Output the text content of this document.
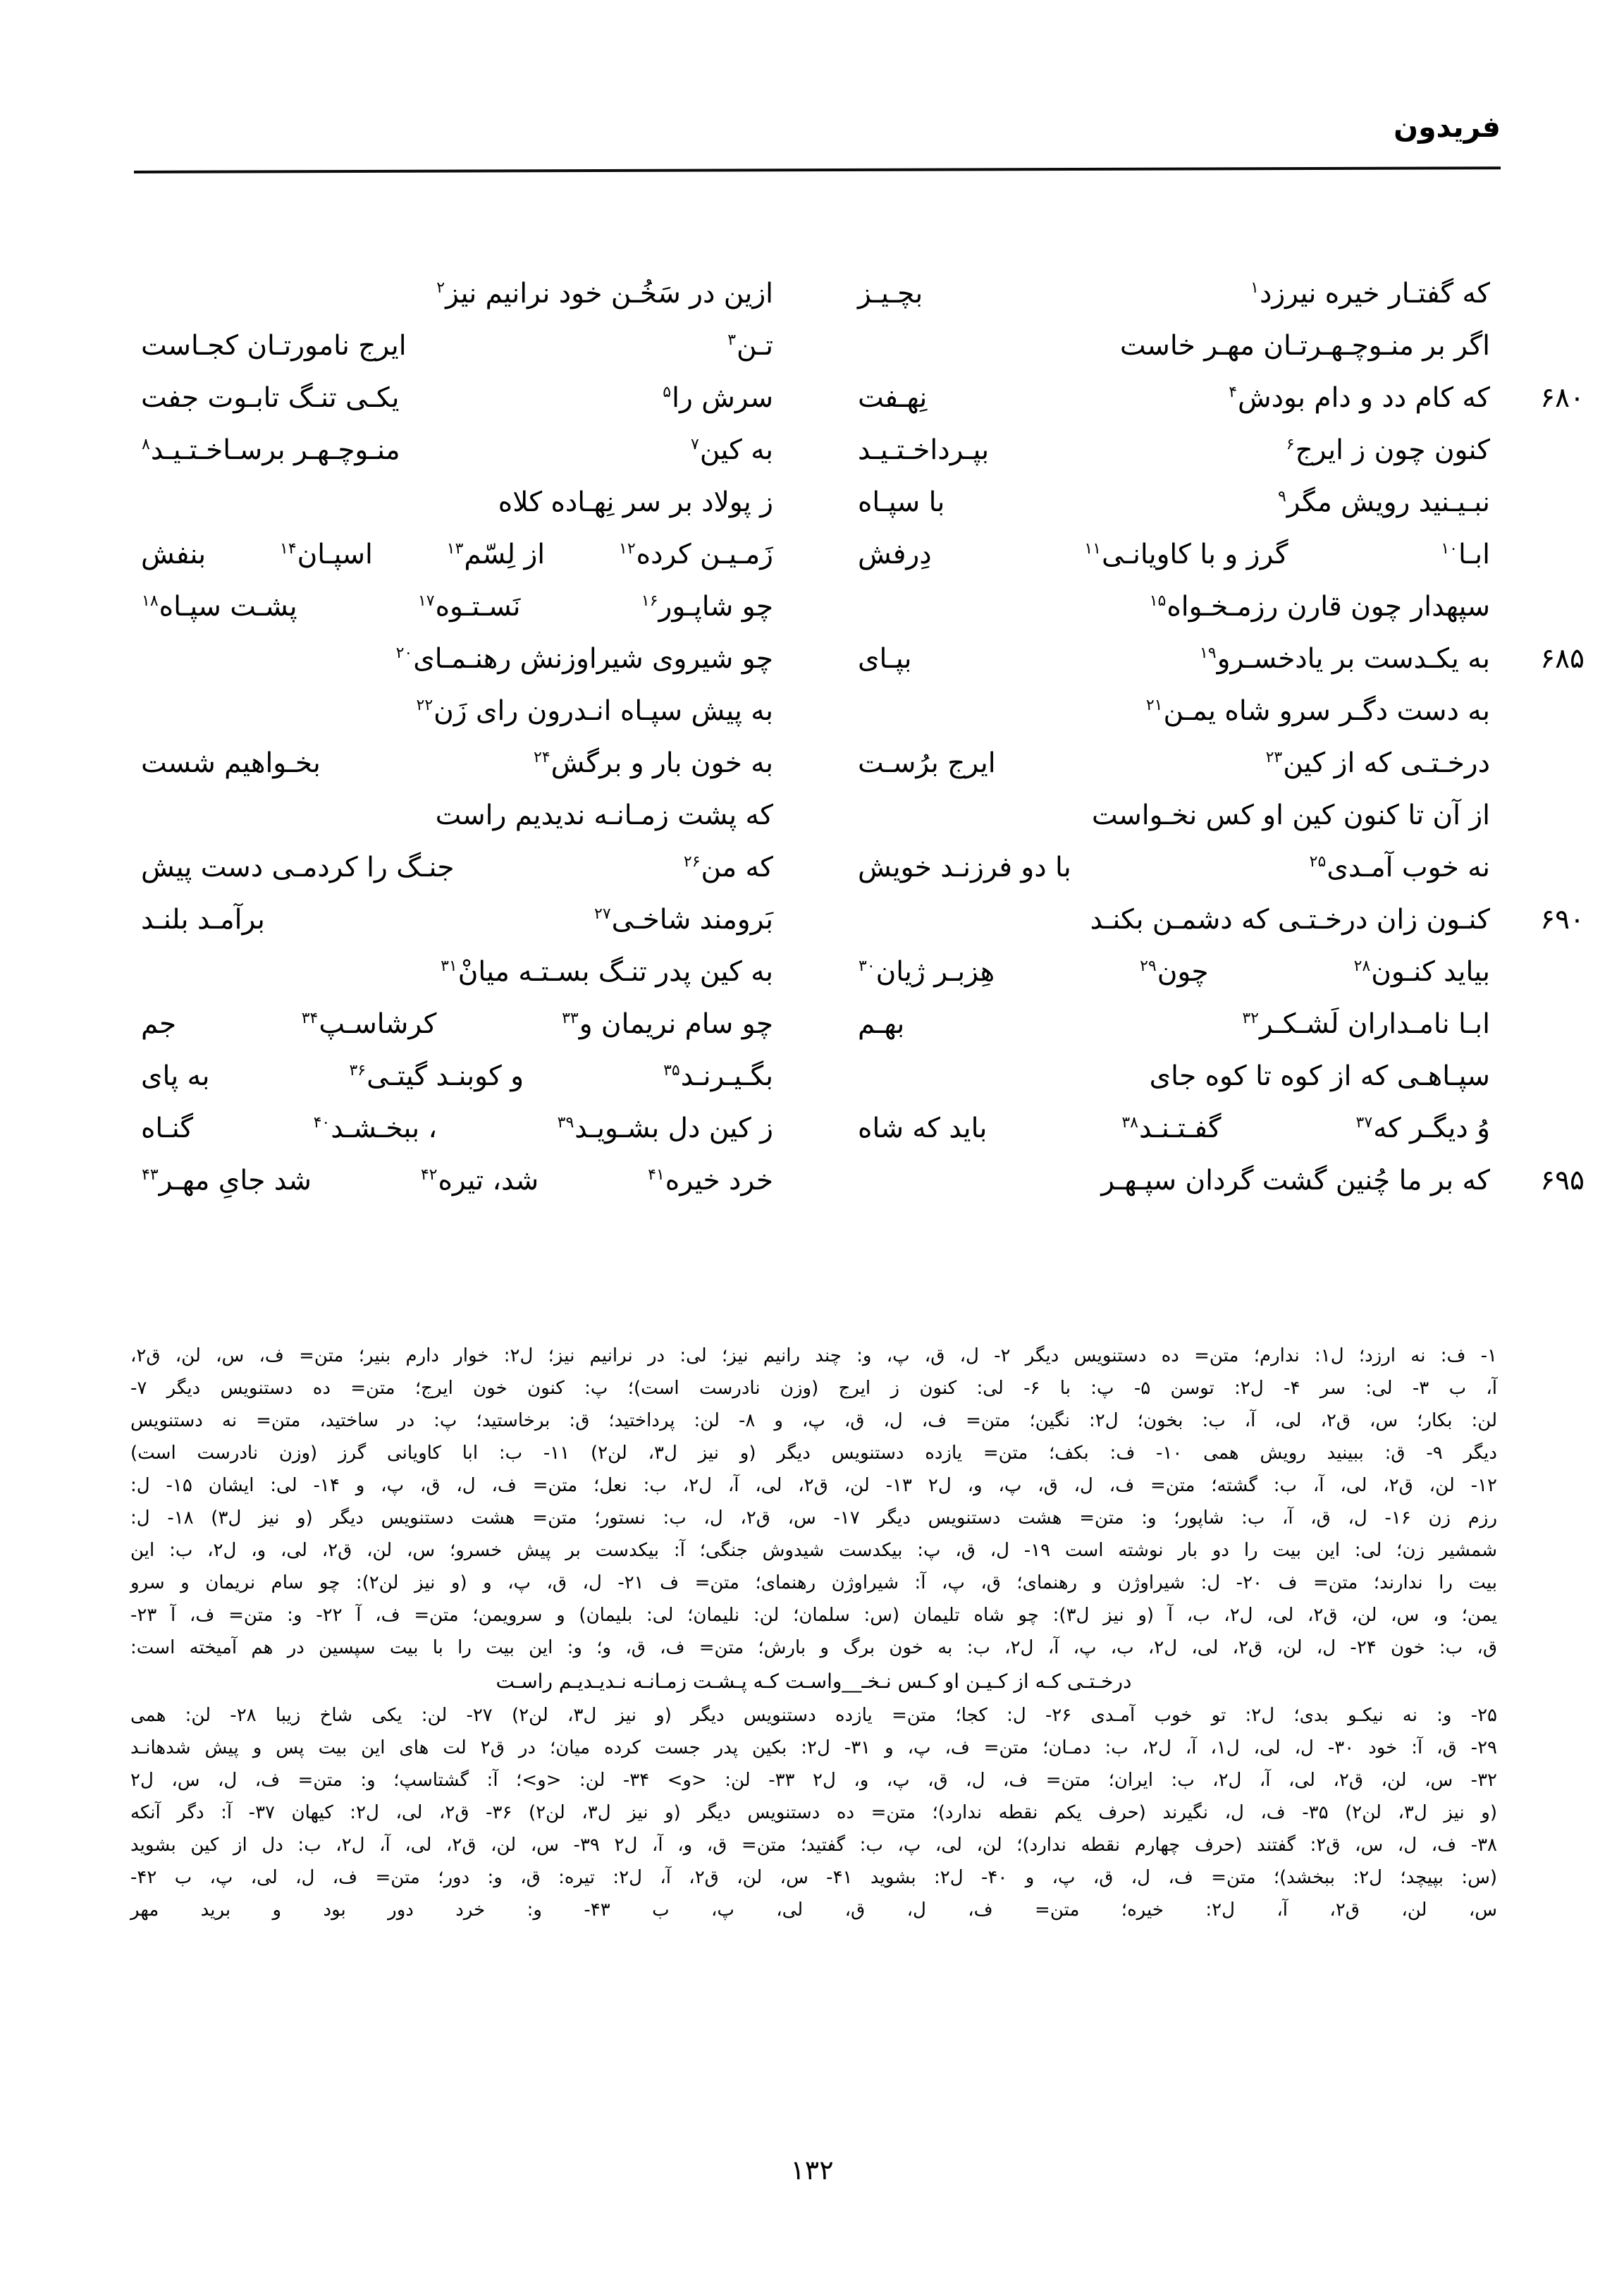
فریدون
كه گفتـار خيره نيرزد$^۱$
بچـيـز
اگر بر منـوچـهـرتـان مهـر خاست
۶۸۰
كه كام دد و دام بودش$^۴$
نِهـفت
كنون چون ز ايرج$^۶$
بپـرداخـتـيـد
نبـيـنيد رويش مگر$^۹$
با سپـاه
ابـا$^{۱۰}$
گرز و با كاويانـى$^{۱۱}$
دِرفش
سپهدار چون قارن رزمـخـواه$^{۱۵}$
۶۸۵
به يكـدست بر يادخسـرو$^{۱۹}$
بپـاى
به دست دگـر سرو شاه يمـن$^{۲۱}$
درخـتـى كه از كين$^{۲۳}$
ايرج برُسـت
از آن تا كنون كين او كس نخـواست
نه خوب آمـدى$^{۲۵}$
با دو فرزنـد خويش
۶۹۰
كنـون زان درخـتـى كه دشمـن بكنـد
بيايد كنـون$^{۲۸}$
چون$^{۲۹}$
هِزبـر ژيان$^{۳۰}$
ابـا نامـداران لَشـكـر$^{۳۲}$
بهـم
سپـاهـى كه از كوه تا كوه جاى
وُ ديگـر كه$^{۳۷}$
گفـتـنـد$^{۳۸}$
بايد كه شاه
۶۹۵
كه بر ما چُنين گشت گردان سپـهـر
ازين در سَخُـن خود نرانيم نيز$^۲$
تـن$^۳$
ايرج نامورتـان كجـاست
سرش را$^۵$
يكـى تنـگ تابـوت جفت
به كين$^۷$
منـوچـهـر برسـاخـتـيـد$^۸$
ز پولاد بر سر نِهـاده كلاه
زَمـيـن كرده$^{۱۲}$
از لِسّم$^{۱۳}$
اسپـان$^{۱۴}$
بنفش
چو شاپـور$^{۱۶}$
نَسـتـوه$^{۱۷}$
پشـت سپـاه$^{۱۸}$
چو شيروى شيراوزنش رهنـمـاى$^{۲۰}$
به پيش سپـاه انـدرون راى زَن$^{۲۲}$
به خون بار و برگش$^{۲۴}$
بخـواهيم شست
كه پشت زمـانـه نديديم راست
كه من$^{۲۶}$
جنـگ را كردمـى دست پيش
بَرومند شاخـى$^{۲۷}$
برآمـد بلنـد
به كين پدر تنـگ بسـتـه ميانْ$^{۳۱}$
چو سام نريمان و$^{۳۳}$
كرشاسـپ$^{۳۴}$
جم
بگـيـرنـد$^{۳۵}$
و كوبنـد گيتـى$^{۳۶}$
به پاى
ز كين دل بشـويـد$^{۳۹}$
، ببخـشـد$^{۴۰}$
گنـاه
خرد خيره$^{۴۱}$
شد، تيره$^{۴۲}$
شد جاىِ مهـر$^{۴۳}$
۱- ف: نه ارزد؛ ل‏۱: ندارم؛ متن= ده دستنويس ديگر ۲- ل، ق، پ، و: چند رانيم نيز؛ لى: در نرانيم نيز؛ ل‏۲: خوار دارم بنير؛ متن= ف، س، لن، ق‏۲،
آ، ب ۳- لى: سر ۴- ل‏۲: توسن ۵- پ: با ۶- لى: كنون ز ايرج (وزن نادرست است)؛ پ: كنون خون ايرج؛ متن= ده دستنويس ديگر ۷-
لن: بكار؛ س، ق‏۲، لى، آ، ب: بخون؛ ل‏۲: نگين؛ متن= ف، ل، ق، پ، و ۸- لن: پرداختيد؛ ق: برخاستيد؛ پ: در ساختيد، متن= نه دستنويس
ديگر ۹- ق: ببينيد رويش همى ۱۰- ف: بكف؛ متن= يازده دستنويس ديگر (و نيز ل‏۳، لن‏۲) ۱۱- ب: ابا كاويانى گرز (وزن نادرست است)
۱۲- لن، ق‏۲، لى، آ، ب: گشته؛ متن= ف، ل، ق، پ، و، ل‏۲ ۱۳- لن، ق‏۲، لى، آ، ل‏۲، ب: نعل؛ متن= ف، ل، ق، پ، و ۱۴- لى: ايشان ۱۵- ل:
رزم زن ۱۶- ل، ق، آ، ب: شاپور؛ و: متن= هشت دستنويس ديگر ۱۷- س، ق‏۲، ل، ب: نستور؛ متن= هشت دستنويس ديگر (و نيز ل‏۳) ۱۸- ل:
شمشير زن؛ لى: اين بيت را دو بار نوشته است ۱۹- ل، ق، پ: بيكدست شيدوش جنگى؛ آ: بيكدست بر پيش خسرو؛ س، لن، ق‏۲، لى، و، ل‏۲، ب: اين
بيت را ندارند؛ متن= ف ۲۰- ل: شيراوژن و رهنماى؛ ق، پ، آ: شيراوژن رهنماى؛ متن= ف ۲۱- ل، ق، پ، و (و نيز لن‏۲): چو سام نريمان و سرو
يمن؛ و، س، لن، ق‏۲، لى، ل‏۲، ب، آ (و نيز ل‏۳): چو شاه تليمان (س: سلمان؛ لن: نليمان؛ لى: بليمان) و سرويمن؛ متن= ف، آ ۲۲- و: متن= ف، آ ۲۳-
ق، ب: خون ۲۴- ل، لن، ق‏۲، لى، ل‏۲، ب، پ، آ، ل‏۲، ب: به خون برگ و بارش؛ متن= ف، ق، و؛ و: اين بيت را با بيت سپسين در هم آميخته است:
درخـتـى كـه از كـيـن او كـس نـخـ__واسـت كـه پـشـت زمـانـه نـديـديـم راسـت
۲۵- و: نه نيكـو بدى؛ ل‏۲: تو خوب آمـدى ۲۶- ل: كجا؛ متن= يازده دستنويس ديگر (و نيز ل‏۳، لن‏۲) ۲۷- لن: يكى شاخ زيبا ۲۸- لن: همى
۲۹- ق، آ: خود ۳۰- ل، لى، ل‏۱، آ، ل‏۲، ب: دمـان؛ متن= ف، پ، و ۳۱- ل‏۲: بكين پدر جست كرده ميان؛ در ق‏۲ لت هاى اين بيت پس و پيش شده‏انـد
۳۲- س، لن، ق‏۲، لى، آ، ل‏۲، ب: ايران؛ متن= ف، ل، ق، پ، و، ل‏۲ ۳۳- لن: <و> ۳۴- لن: <و>؛ آ: گشتاسپ؛ و: متن= ف، ل، س، ل‏۲
(و نيز ل‏۳، لن‏۲) ۳۵- ف، ل، نگيرند (حرف يكم نقطه ندارد)؛ متن= ده دستنويس ديگر (و نيز ل‏۳، لن‏۲) ۳۶- ق‏۲، لى، ل‏۲: كيهان ۳۷- آ: دگر آنكه
۳۸- ف، ل، س، ق‏۲: گفتند (حرف چهارم نقطه ندارد)؛ لن، لى، پ، ب: گفتيد؛ متن= ق، و، آ، ل‏۲ ۳۹- س، لن، ق‏۲، لى، آ، ل‏۲، ب: دل از كين بشويد
(س: بپيچد؛ ل‏۲: ببخشد)؛ متن= ف، ل، ق، پ، و ۴۰- ل‏۲: بشويد ۴۱- س، لن، ق‏۲، آ، ل‏۲: تيره: ق، و: دور؛ متن= ف، ل، لى، پ، ب ۴۲-
س، لن، ق‏۲، آ، ل‏۲: خيره؛ متن= ف، ل، ق، لى، پ، ب ۴۳- و: خرد دور بود و بريد مهر
۱۳۲
